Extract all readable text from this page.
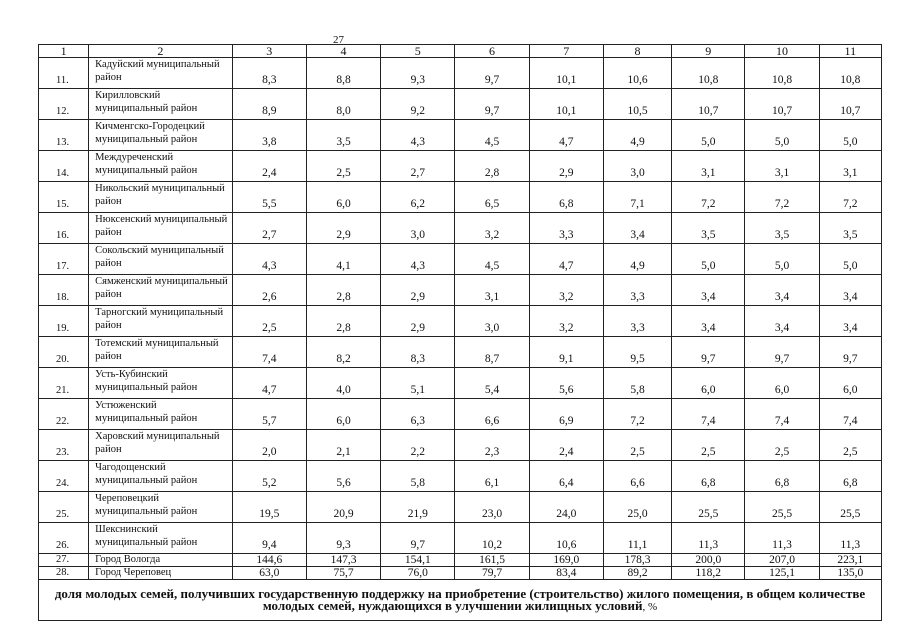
27
1	2	3	4	5	6	7	8	9	10	11
11.	Кадуйский муниципальный район	8,3	8,8	9,3	9,7	10,1	10,6	10,8	10,8	10,8
12.	Кирилловский муниципальный район	8,9	8,0	9,2	9,7	10,1	10,5	10,7	10,7	10,7
13.	Кичменгско-Городецкий муниципальный район	3,8	3,5	4,3	4,5	4,7	4,9	5,0	5,0	5,0
14.	Междуреченский муниципальный район	2,4	2,5	2,7	2,8	2,9	3,0	3,1	3,1	3,1
15.	Никольский муниципальный район	5,5	6,0	6,2	6,5	6,8	7,1	7,2	7,2	7,2
16.	Нюксенский муниципальный район	2,7	2,9	3,0	3,2	3,3	3,4	3,5	3,5	3,5
17.	Сокольский муниципальный район	4,3	4,1	4,3	4,5	4,7	4,9	5,0	5,0	5,0
18.	Сямженский муниципальный район	2,6	2,8	2,9	3,1	3,2	3,3	3,4	3,4	3,4
19.	Тарногский муниципальный район	2,5	2,8	2,9	3,0	3,2	3,3	3,4	3,4	3,4
20.	Тотемский муниципальный район	7,4	8,2	8,3	8,7	9,1	9,5	9,7	9,7	9,7
21.	Усть-Кубинский муниципальный район	4,7	4,0	5,1	5,4	5,6	5,8	6,0	6,0	6,0
22.	Устюженский муниципальный район	5,7	6,0	6,3	6,6	6,9	7,2	7,4	7,4	7,4
23.	Харовский муниципальный район	2,0	2,1	2,2	2,3	2,4	2,5	2,5	2,5	2,5
24.	Чагодощенский муниципальный район	5,2	5,6	5,8	6,1	6,4	6,6	6,8	6,8	6,8
25.	Череповецкий муниципальный район	19,5	20,9	21,9	23,0	24,0	25,0	25,5	25,5	25,5
26.	Шекснинский муниципальный район	9,4	9,3	9,7	10,2	10,6	11,1	11,3	11,3	11,3
27.	Город Вологда	144,6	147,3	154,1	161,5	169,0	178,3	200,0	207,0	223,1
28.	Город Череповец	63,0	75,7	76,0	79,7	83,4	89,2	118,2	125,1	135,0
доля молодых семей, получивших государственную поддержку на приобретение (строительство) жилого помещения, в общем количестве молодых семей, нуждающихся в улучшении жилищных условий, %										
